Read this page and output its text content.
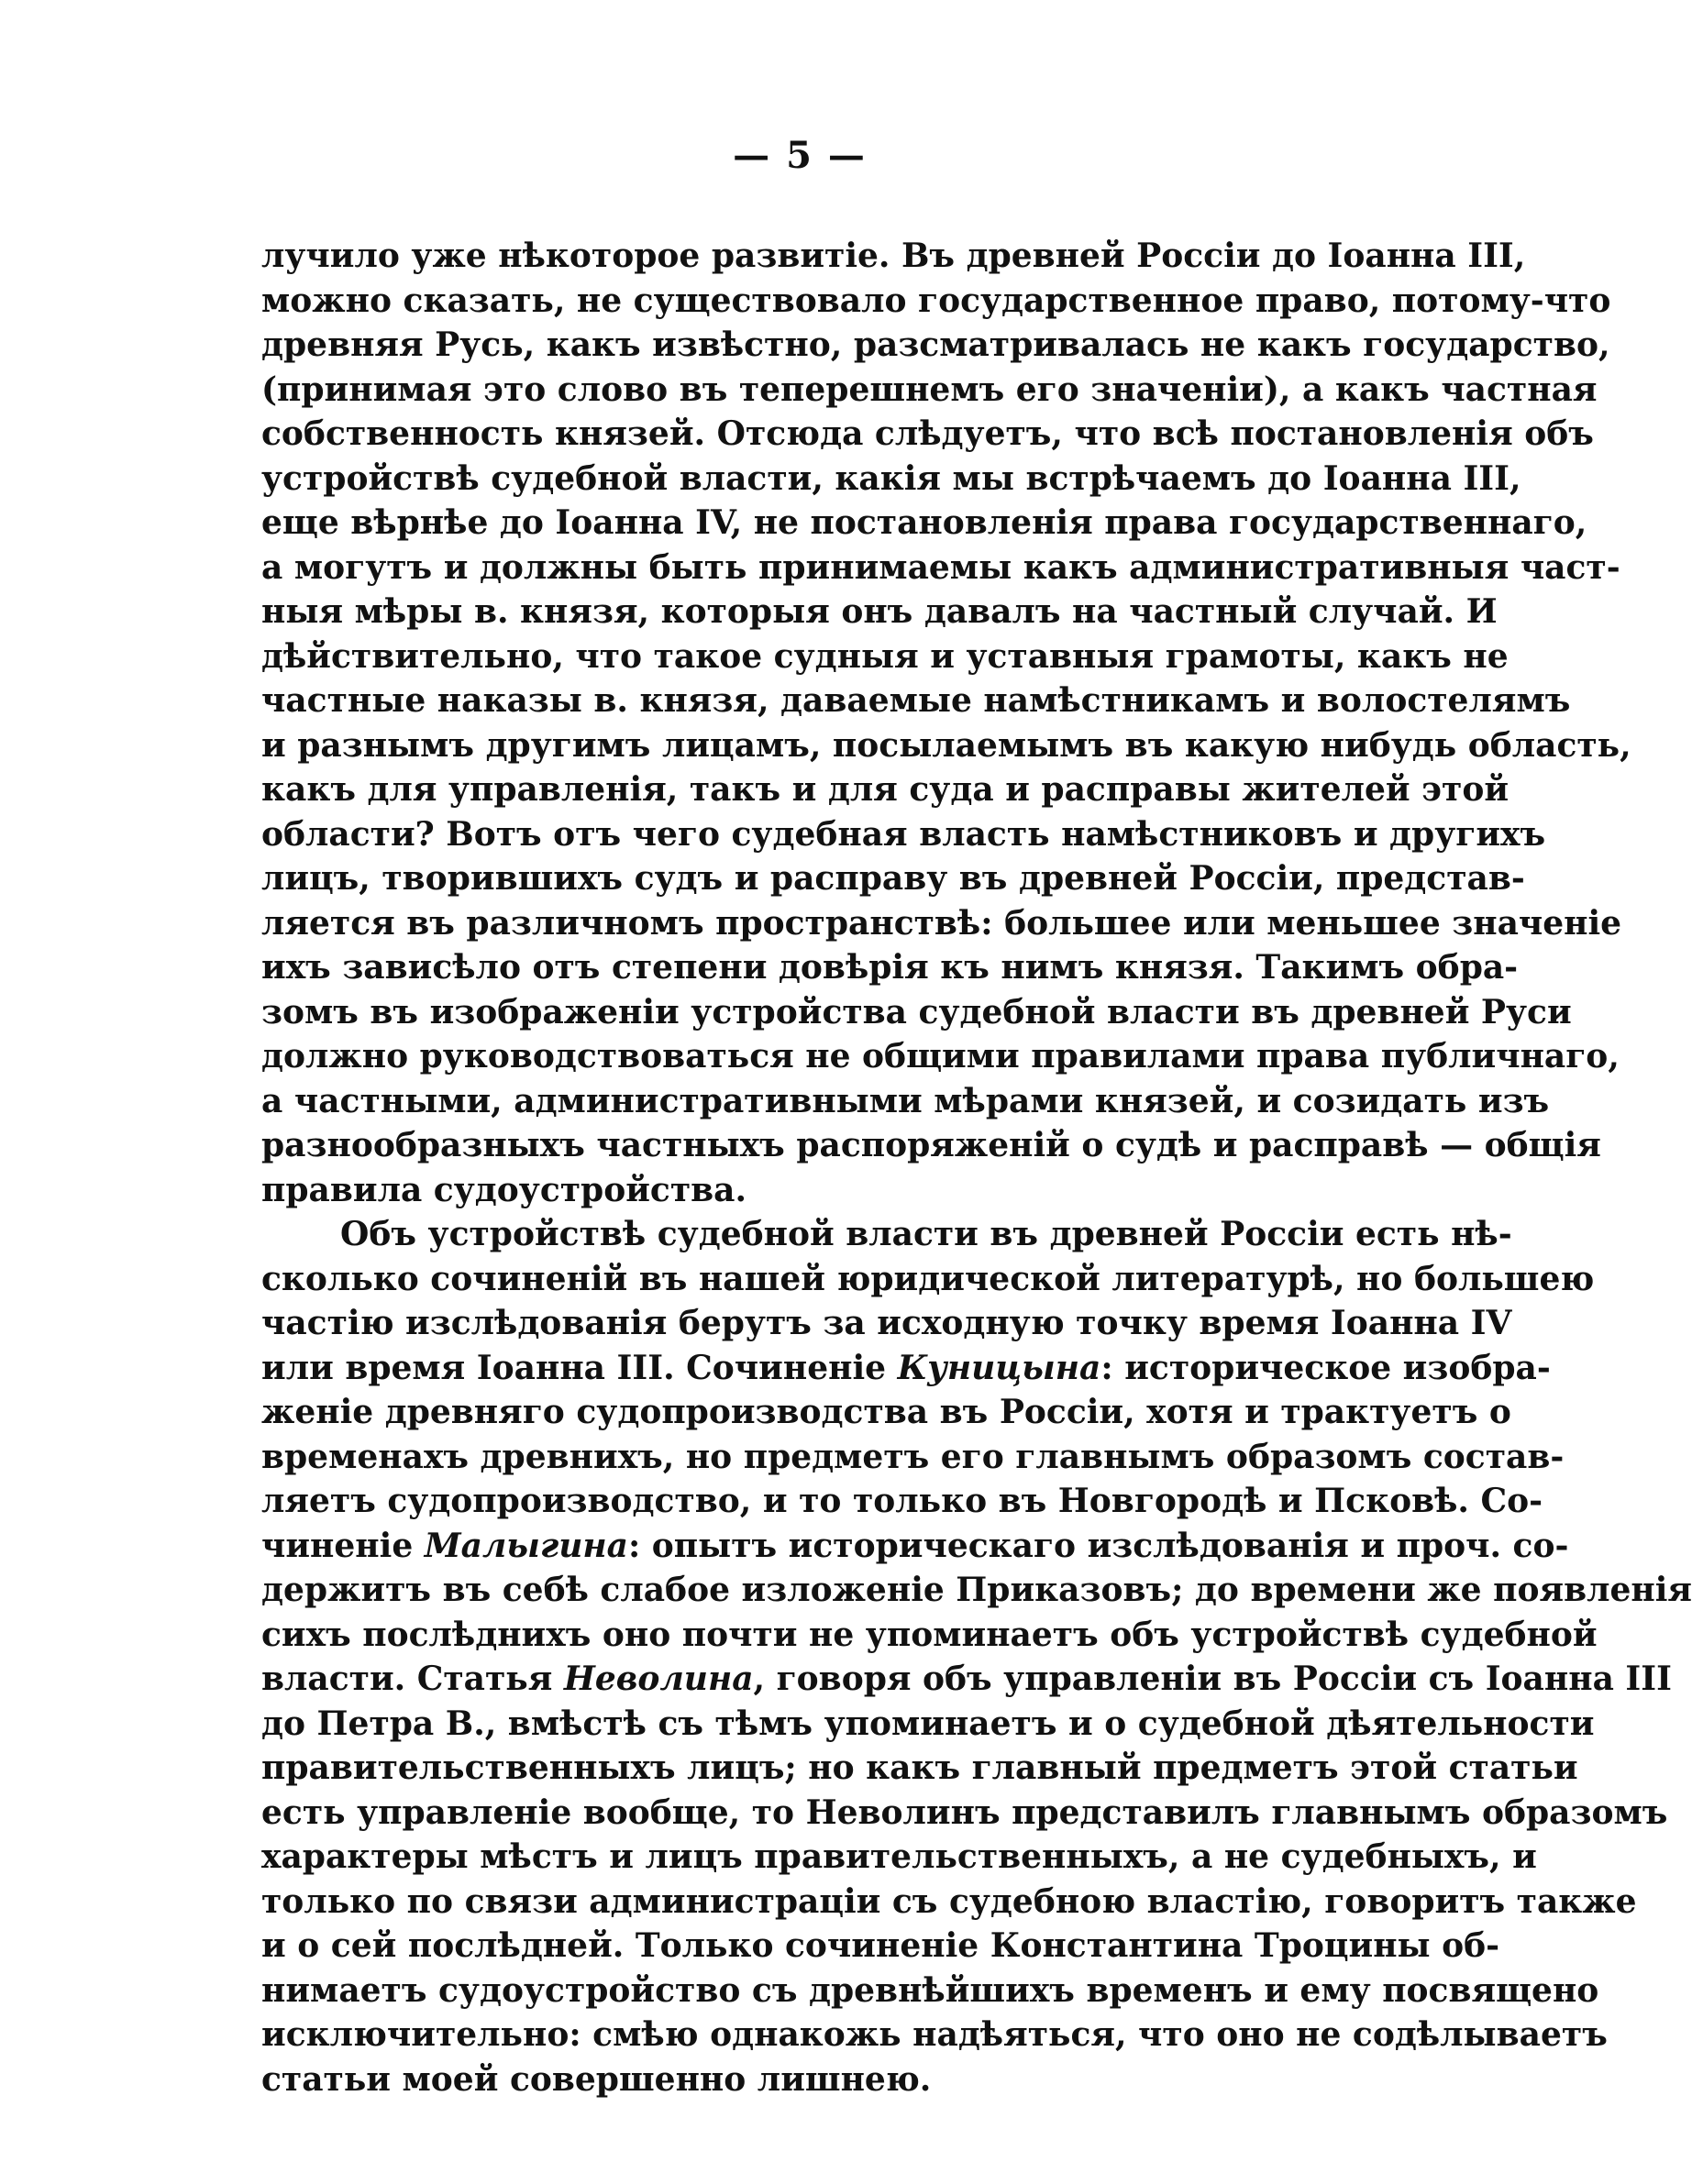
— 5 —
лучило уже нѣкоторое развитіе. Въ древней Россіи до Іоанна III,
можно сказать, не существовало государственное право, потому-что
древняя Русь, какъ извѣстно, разсматривалась не какъ государство,
(принимая это слово въ теперешнемъ его значеніи), а какъ частная
собственность князей. Отсюда слѣдуетъ, что всѣ постановленія объ
устройствѣ судебной власти, какія мы встрѣчаемъ до Іоанна III,
еще вѣрнѣе до Іоанна IV, не постановленія права государственнаго,
а могутъ и должны быть принимаемы какъ административныя част-
ныя мѣры в. князя, которыя онъ давалъ на частный случай. И
дѣйствительно, что такое судныя и уставныя грамоты, какъ не
частные наказы в. князя, даваемые намѣстникамъ и волостелямъ
и разнымъ другимъ лицамъ, посылаемымъ въ какую нибудь область,
какъ для управленія, такъ и для суда и расправы жителей этой
области? Вотъ отъ чего судебная власть намѣстниковъ и другихъ
лицъ, творившихъ судъ и расправу въ древней Россіи, представ-
ляется въ различномъ пространствѣ: большее или меньшее значеніе
ихъ зависѣло отъ степени довѣрія къ нимъ князя. Такимъ обра-
зомъ въ изображеніи устройства судебной власти въ древней Руси
должно руководствоваться не общими правилами права публичнаго,
а частными, административными мѣрами князей, и созидать изъ
разнообразныхъ частныхъ распоряженій о судѣ и расправѣ — общія
правила судоустройства.
Объ устройствѣ судебной власти въ древней Россіи есть нѣ-
сколько сочиненій въ нашей юридической литературѣ, но большею
частію изслѣдованія берутъ за исходную точку время Іоанна IV
или время Іоанна III. Сочиненіе Куницына: историческое изобра-
женіе древняго судопроизводства въ Россіи, хотя и трактуетъ о
временахъ древнихъ, но предметъ его главнымъ образомъ состав-
ляетъ судопроизводство, и то только въ Новгородѣ и Псковѣ. Со-
чиненіе Малыгина: опытъ историческаго изслѣдованія и проч. со-
держитъ въ себѣ слабое изложеніе Приказовъ; до времени же появленія
сихъ послѣднихъ оно почти не упоминаетъ объ устройствѣ судебной
власти. Статья Неволина, говоря объ управленіи въ Россіи съ Іоанна III
до Петра В., вмѣстѣ съ тѣмъ упоминаетъ и о судебной дѣятельности
правительственныхъ лицъ; но какъ главный предметъ этой статьи
есть управленіе вообще, то Неволинъ представилъ главнымъ образомъ
характеры мѣстъ и лицъ правительственныхъ, а не судебныхъ, и
только по связи администраціи съ судебною властію, говоритъ также
и о сей послѣдней. Только сочиненіе Константина Троцины об-
нимаетъ судоустройство съ древнѣйшихъ временъ и ему посвящено
исключительно: смѣю однакожь надѣяться, что оно не содѣлываетъ
статьи моей совершенно лишнею.
